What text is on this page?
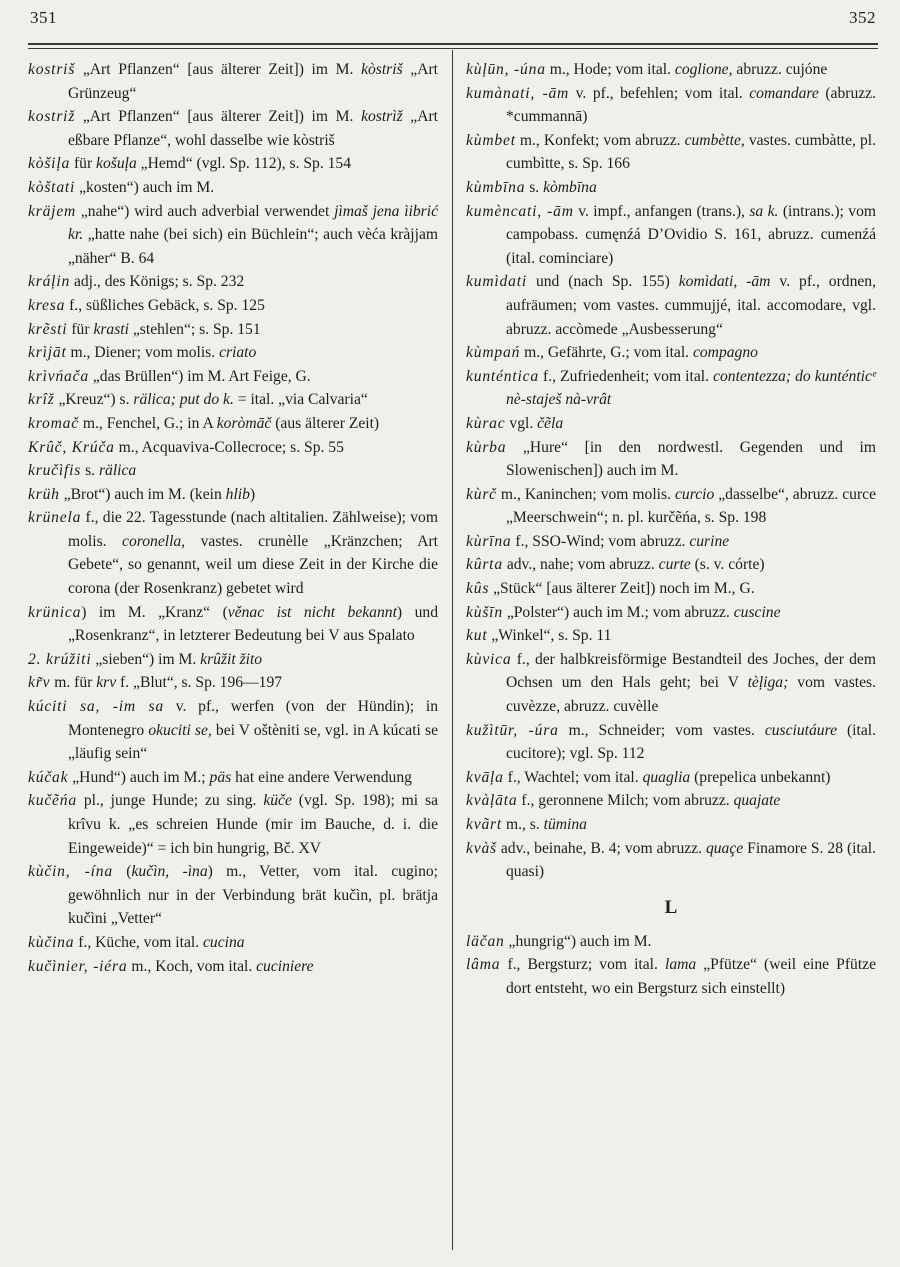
351	352

kostriš „Art Pflanzen“ [aus älterer Zeit]) im M. kòstriš „Art Grünzeug“

kostriž „Art Pflanzen“ [aus älterer Zeit]) im M. kostrìž „Art eßbare Pflanze“, wohl dasselbe wie kòstriš

kòšiļa für košuļa „Hemd“ (vgl. Sp. 112), s. Sp. 154

kòštati „kosten“) auch im M.

kräjem „nahe“) wird auch adverbial verwendet jìmaš jena ìibrić kr. „hatte nahe (bei sich) ein Büchlein“; auch vèća kràjjam „näher“ B. 64

kráļin adj., des Königs; s. Sp. 232

kresa f., süßliches Gebäck, s. Sp. 125

krẽsti für krasti „stehlen“; s. Sp. 151

krìjāt m., Diener; vom molis. criato

krìvńača „das Brüllen“) im M. Art Feige, G.

krîž „Kreuz“) s. rälica; put do k. = ital. „via Calvaria“

kromač m., Fenchel, G.; in A koròmāč (aus älterer Zeit)

Krûč, Krúča m., Acquaviva-Collecroce; s. Sp. 55

kručìfis s. rälica

krüh „Brot“) auch im M. (kein hlib)

krünela f., die 22. Tagesstunde (nach altitalien. Zählweise); vom molis. coronella, vastes. crunèlle „Kränzchen; Art Gebete“, so genannt, weil um diese Zeit in der Kirche die corona (der Rosenkranz) gebetet wird

krünica) im M. „Kranz“ (věnac ist nicht bekannt) und „Rosenkranz“, in letzterer Bedeutung bei V aus Spalato

2. krúžiti „sieben“) im M. krûžit žito

kr̃v m. für krv f. „Blut“, s. Sp. 196—197

kúciti sa, -im sa v. pf., werfen (von der Hündin); in Montenegro okuciti se, bei V oštèniti se, vgl. in A kúcati se „läufig sein“

kúčak „Hund“) auch im M.; päs hat eine andere Verwendung

kučẽńa pl., junge Hunde; zu sing. küče (vgl. Sp. 198); mi sa krîvu k. „es schreien Hunde (mir im Bauche, d. i. die Eingeweide)“ = ich bin hungrig, Bč. XV

kùčin, -ína (kučìn, -ìna) m., Vetter, vom ital. cugino; gewöhnlich nur in der Verbindung brät kučìn, pl. brätja kučìni „Vetter“

kùčina f., Küche, vom ital. cucina

kučìnier, -iéra m., Koch, vom ital. cuciniere

kùļūn, -úna m., Hode; vom ital. coglione, abruzz. cujóne

kumànati, -ām v. pf., befehlen; vom ital. comandare (abruzz. *cummannā)

kùmbet m., Konfekt; vom abruzz. cumbètte, vastes. cumbàtte, pl. cumbìtte, s. Sp. 166

kùmbīna s. kòmbīna

kumèncati, -ām v. impf., anfangen (trans.), sa k. (intrans.); vom campobass. cumęnźá D’Ovidio S. 161, abruzz. cumenźá (ital. cominciare)

kumìdati und (nach Sp. 155) komìdati, -ām v. pf., ordnen, aufräumen; vom vastes. cummujjé, ital. accomodare, vgl. abruzz. accòmede „Ausbesserung“

kùmpań m., Gefährte, G.; vom ital. compagno

kunténtica f., Zufriedenheit; vom ital. contentezza; do kunténticᵉ nè-staješ nà-vrât

kùrac vgl. čẽla

kùrba „Hure“ [in den nordwestl. Gegenden und im Slowenischen]) auch im M.

kùrč m., Kaninchen; vom molis. curcio „dasselbe“, abruzz. curce „Meerschwein“; n. pl. kurčẽńa, s. Sp. 198

kùrīna f., SSO-Wind; vom abruzz. curine

kûrta adv., nahe; vom abruzz. curte (s. v. córte)

kûs „Stück“ [aus älterer Zeit]) noch im M., G.

kùšīn „Polster“) auch im M.; vom abruzz. cuscine

kut „Winkel“, s. Sp. 11

kùvica f., der halbkreisförmige Bestandteil des Joches, der dem Ochsen um den Hals geht; bei V tèļiga; vom vastes. cuvèzze, abruzz. cuvèlle

kužìtūr, -úra m., Schneider; vom vastes. cusciutáure (ital. cucitore); vgl. Sp. 112

kvāļa f., Wachtel; vom ital. quaglia (prepelica unbekannt)

kvàļāta f., geronnene Milch; vom abruzz. quajate

kvãrt m., s. tümina

kvàš adv., beinahe, B. 4; vom abruzz. quaçe Finamore S. 28 (ital. quasi)

L

läčan „hungrig“) auch im M.

lâma f., Bergsturz; vom ital. lama „Pfütze“ (weil eine Pfütze dort entsteht, wo ein Bergsturz sich einstellt)
